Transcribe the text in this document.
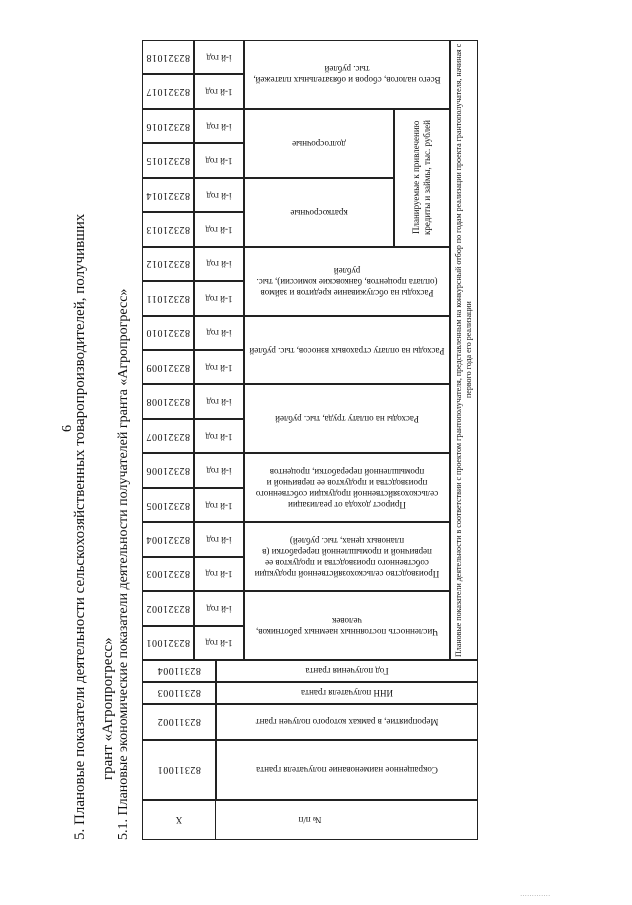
6
5. Плановые показатели деятельности сельскохозяйственных товаропроизводителей, получивших грант «Агропрогресс» 5.1. Плановые экономические показатели деятельности получателей гранта «Агропрогресс»	№ п/п
Сокращенное наименование получателя гранта
82311001
Мероприятие, в рамках которого получен грант
82311002
ИНН получателя гранта
82311003
Год получения гранта
82311004
Плановые показатели деятельности в соответствии с проектом грантополучателя, представленным на конкурсный отбор по годам реализации проекта грантополучателя, начиная с первого года его реализации
Численность постоянных наемных работников, человек
1-й год
82321001
i-й год
82321002
Производство сельскохозяйственной продукции собственного производства и продуктов ее первичной и промышленной переработки (в плановых ценах, тыс. рублей)
1-й год
82321003
i-й год
82321004
Прирост дохода от реализации сельскохозяйственной продукции собственного производства и продуктов ее первичной и промышленной переработки, процентов
1-й год
82321005
i-й год
82321006
Расходы на оплату труда, тыс. рублей
1-й год
82321007
i-й год
82321008
Расходы на оплату страховых взносов, тыс. рублей
1-й год
82321009
i-й год
82321010
Расходы на обслуживание кредитов и займов (оплата процентов, банковские комиссии), тыс. рублей
1-й год
82321011
i-й год
82321012
краткосрочные
1-й год
82321013
i-й год
82321014
долгосрочные
1-й год
82321015
i-й год
82321016
Всего налогов, сборов и обязательных платежей, тыс. рублей
1-й год
82321017
i-й год
82321018
Планируемые к привлечению кредиты и займы, тыс. рублей
X
·············
